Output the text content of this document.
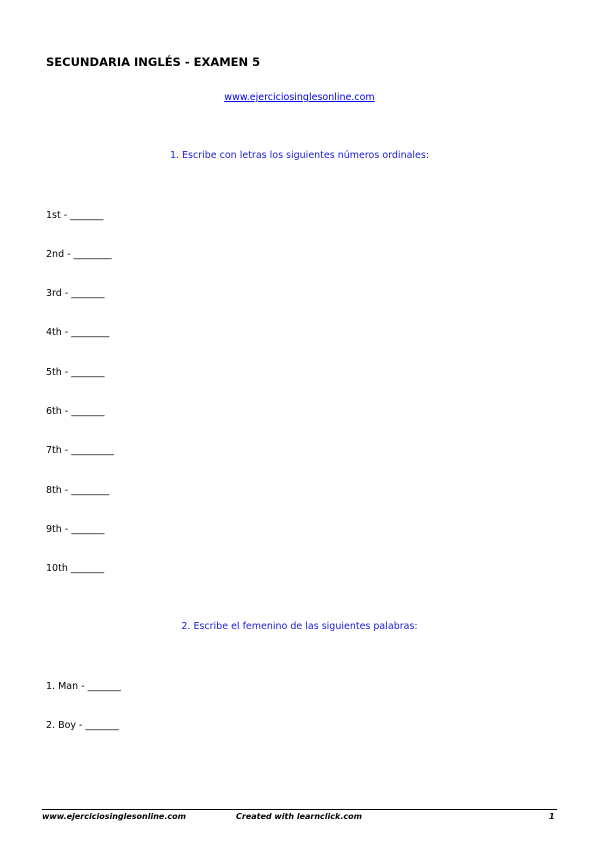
SECUNDARIA INGLÉS - EXAMEN 5
www.ejerciciosinglesonline.com
1. Escribe con letras los siguientes números ordinales:
1st - _______
2nd - ________
3rd - _______
4th - ________
5th - _______
6th - _______
7th - _________
8th - ________
9th - _______
10th _______
2. Escribe el femenino de las siguientes palabras:
1. Man - _______
2. Boy - _______
www.ejerciciosinglesonline.com	Created with learnclick.com	1
